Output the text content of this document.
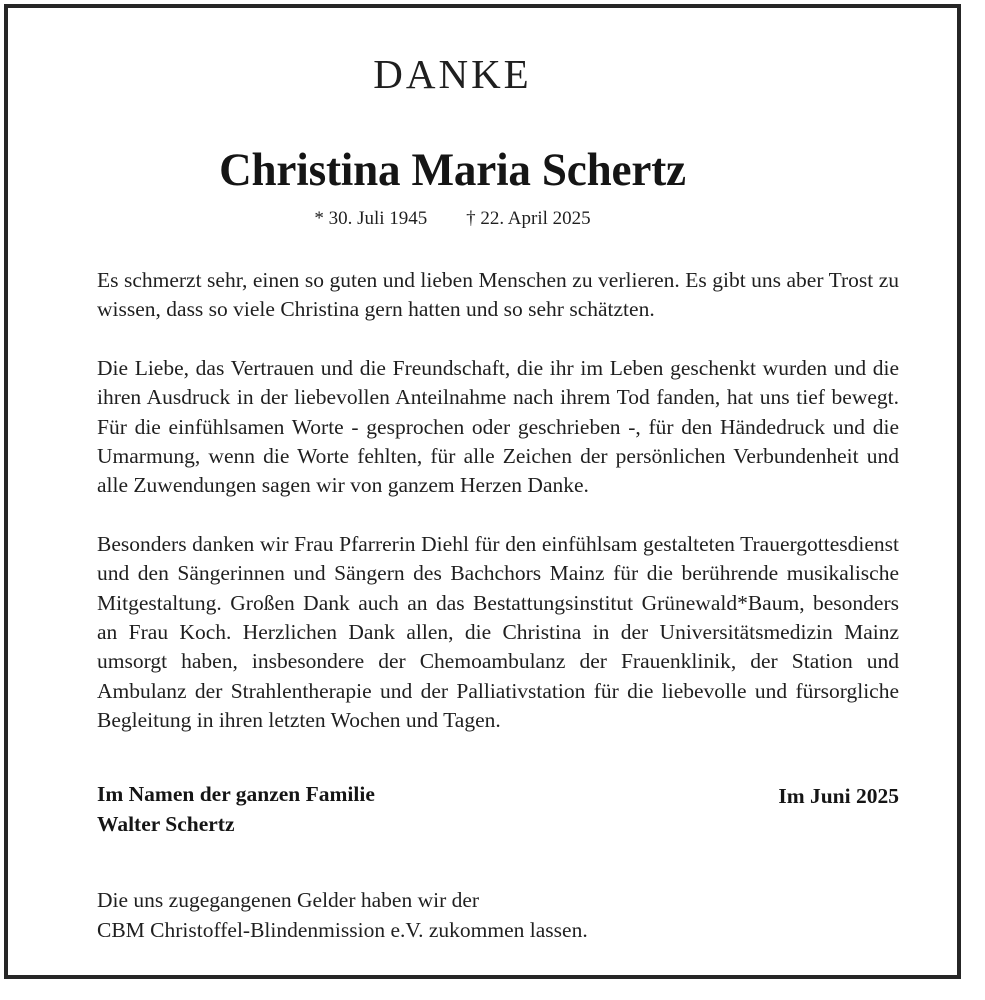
DANKE
Christina Maria Schertz
* 30. Juli 1945 † 22. April 2025

Es schmerzt sehr, einen so guten und lieben Menschen zu verlieren. Es gibt uns aber Trost zu wissen, dass so viele Christina gern hatten und so sehr schätzten.

Die Liebe, das Vertrauen und die Freundschaft, die ihr im Leben geschenkt wurden und die ihren Ausdruck in der liebevollen Anteilnahme nach ihrem Tod fanden, hat uns tief bewegt. Für die einfühlsamen Worte - gesprochen oder geschrieben -, für den Händedruck und die Umarmung, wenn die Worte fehlten, für alle Zeichen der persönlichen Verbundenheit und alle Zuwendungen sagen wir von ganzem Herzen Danke.

Besonders danken wir Frau Pfarrerin Diehl für den einfühlsam gestalteten Trauergottesdienst und den Sängerinnen und Sängern des Bachchors Mainz für die berührende musikalische Mitgestaltung. Großen Dank auch an das Bestattungsinstitut Grünewald*Baum, besonders an Frau Koch. Herzlichen Dank allen, die Christina in der Universitätsmedizin Mainz umsorgt haben, insbesondere der Chemoambulanz der Frauenklinik, der Station und Ambulanz der Strahlentherapie und der Palliativstation für die liebevolle und fürsorgliche Begleitung in ihren letzten Wochen und Tagen.

Im Namen der ganzen Familie
Walter Schertz
Im Juni 2025
Die uns zugegangenen Gelder haben wir der
CBM Christoffel-Blindenmission e.V. zukommen lassen.
